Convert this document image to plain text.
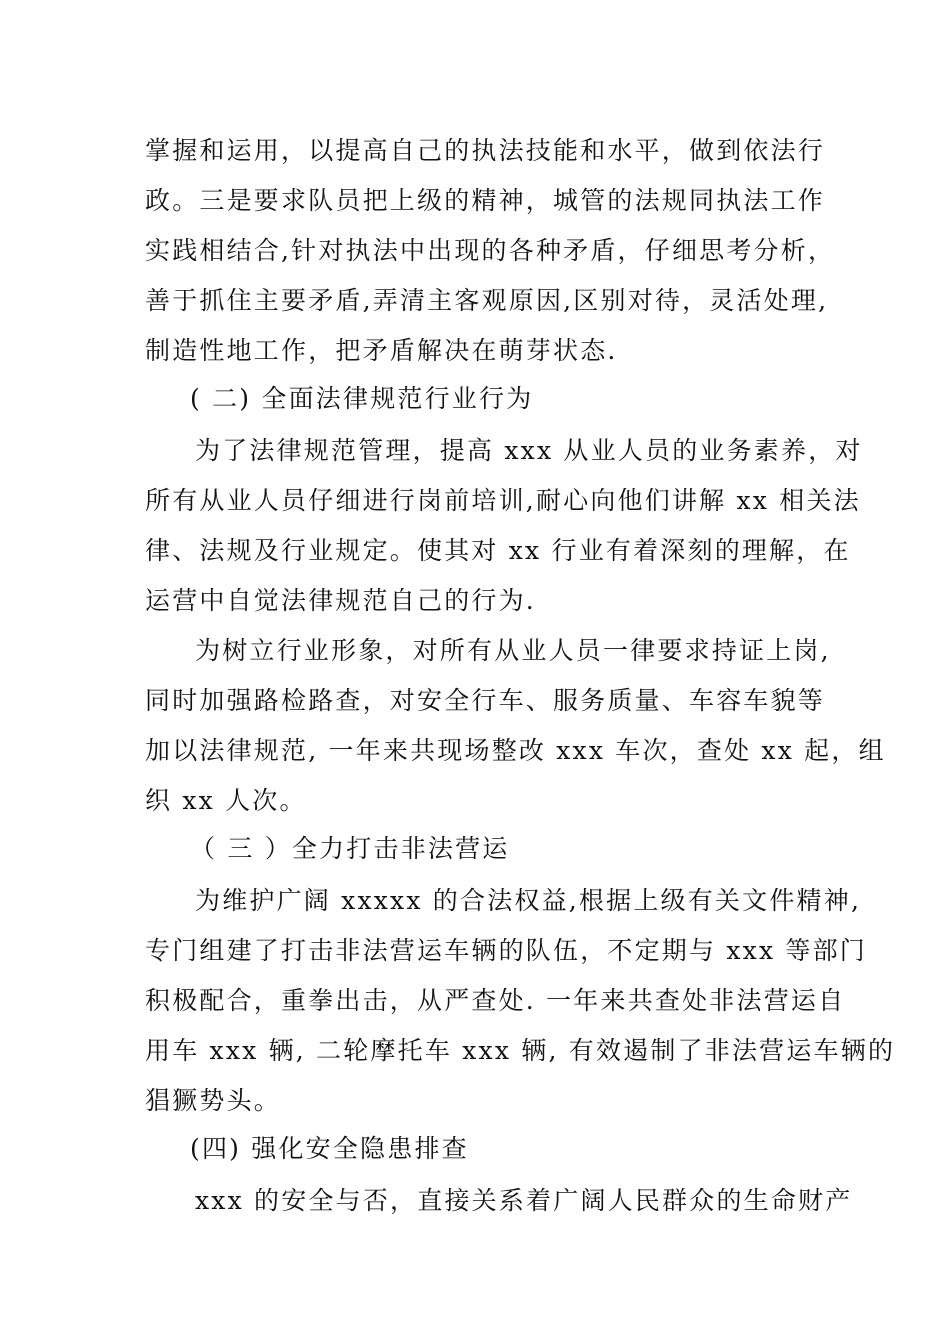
掌握和运用，以提高自己的执法技能和水平，做到依法行
政。三是要求队员把上级的精神，城管的法规同执法工作
实践相结合,针对执法中出现的各种矛盾，仔细思考分析，
善于抓住主要矛盾,弄清主客观原因,区别对待，灵活处理,
制造性地工作，把矛盾解决在萌芽状态.
( 二) 全面法律规范行业行为
为了法律规范管理，提高 xxx 从业人员的业务素养，对
所有从业人员仔细进行岗前培训,耐心向他们讲解 xx 相关法
律、法规及行业规定。使其对 xx 行业有着深刻的理解，在
运营中自觉法律规范自己的行为.
为树立行业形象，对所有从业人员一律要求持证上岗,
同时加强路检路查，对安全行车、服务质量、车容车貌等
加以法律规范, 一年来共现场整改 xxx 车次，查处 xx 起，组
织 xx 人次。
（ 三 ）全力打击非法营运
为维护广阔 xxxxx 的合法权益,根据上级有关文件精神,
专门组建了打击非法营运车辆的队伍，不定期与 xxx 等部门
积极配合，重拳出击，从严查处. 一年来共查处非法营运自
用车 xxx 辆, 二轮摩托车 xxx 辆, 有效遏制了非法营运车辆的
猖獗势头。
(四) 强化安全隐患排查
xxx 的安全与否，直接关系着广阔人民群众的生命财产
